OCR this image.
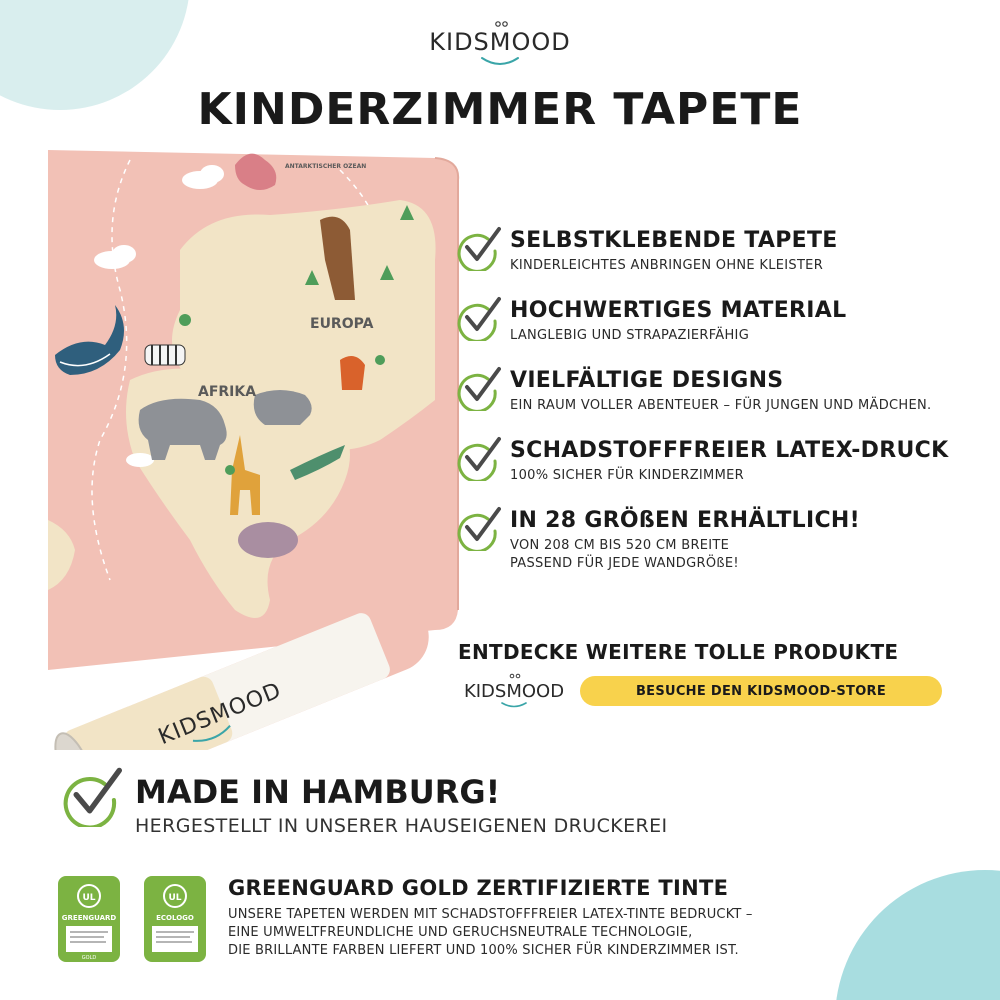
KIDSMOOD
KINDERZIMMER TAPETE
EUROPA
AFRIKA
ANTARKTISCHER OZEAN
KIDSMOOD
SELBSTKLEBENDE TAPETE
KINDERLEICHTES ANBRINGEN OHNE KLEISTER
HOCHWERTIGES MATERIAL
LANGLEBIG UND STRAPAZIERFÄHIG
VIELFÄLTIGE DESIGNS
EIN RAUM VOLLER ABENTEUER – FÜR JUNGEN UND MÄDCHEN.
SCHADSTOFFFREIER LATEX-DRUCK
100% SICHER FÜR KINDERZIMMER
IN 28 GRÖßEN ERHÄLTLICH!
VON 208 CM BIS 520 CM BREITE
PASSEND FÜR JEDE WANDGRÖßE!
ENTDECKE WEITERE TOLLE PRODUKTE
KIDSMOOD	BESUCHE DEN KIDSMOOD-STORE
MADE IN HAMBURG!
HERGESTELLT IN UNSERER HAUSEIGENEN DRUCKEREI
UL
GREENGUARD
GOLD
UL
ECOLOGO
GREENGUARD GOLD ZERTIFIZIERTE TINTE
UNSERE TAPETEN WERDEN MIT SCHADSTOFFFREIER LATEX-TINTE BEDRUCKT –
EINE UMWELTFREUNDLICHE UND GERUCHSNEUTRALE TECHNOLOGIE,
DIE BRILLANTE FARBEN LIEFERT UND 100% SICHER FÜR KINDERZIMMER IST.
